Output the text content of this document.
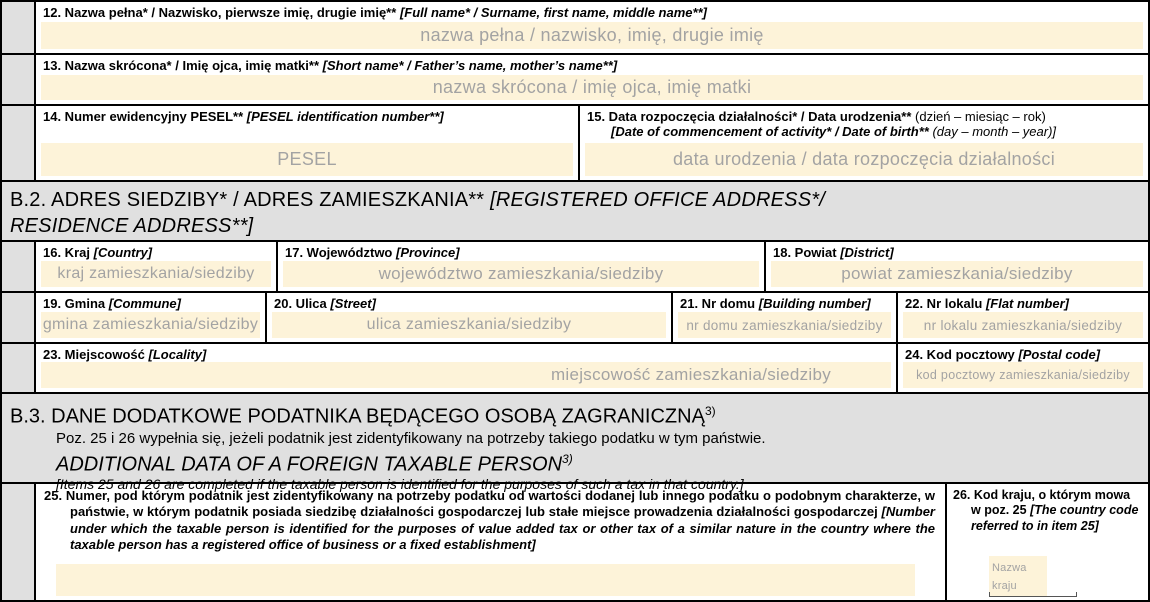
12. Nazwa pełna* / Nazwisko, pierwsze imię, drugie imię** [Full name* / Surname, first name, middle name**]
nazwa pełna / nazwisko, imię, drugie imię
13. Nazwa skrócona* / Imię ojca, imię matki** [Short name* / Father’s name, mother’s name**]
nazwa skrócona / imię ojca, imię matki
14. Numer ewidencyjny PESEL** [PESEL identification number**]
PESEL
15. Data rozpoczęcia działalności* / Data urodzenia** (dzień – miesiąc – rok)
[Date of commencement of activity* / Date of birth** (day – month – year)]
data urodzenia / data rozpoczęcia działalności
B.2. ADRES SIEDZIBY* / ADRES ZAMIESZKANIA** [REGISTERED OFFICE ADDRESS*/
RESIDENCE ADDRESS**]
16. Kraj [Country]
kraj zamieszkania/siedziby
17. Województwo [Province]
województwo zamieszkania/siedziby
18. Powiat [District]
powiat zamieszkania/siedziby
19. Gmina [Commune]
gmina zamieszkania/siedziby
20. Ulica [Street]
ulica zamieszkania/siedziby
21. Nr domu [Building number]
nr domu zamieszkania/siedziby
22. Nr lokalu [Flat number]
nr lokalu zamieszkania/siedziby
23. Miejscowość [Locality]
miejscowość zamieszkania/siedziby
24. Kod pocztowy [Postal code]
kod pocztowy zamieszkania/siedziby
B.3. DANE DODATKOWE PODATNIKA BĘDĄCEGO OSOBĄ ZAGRANICZNĄ$^{3)}$
Poz. 25 i 26 wypełnia się, jeżeli podatnik jest zidentyfikowany na potrzeby takiego podatku w tym państwie.
ADDITIONAL DATA OF A FOREIGN TAXABLE PERSON$^{3)}$
[Items 25 and 26 are completed if the taxable person is identified for the purposes of such a tax in that country.]
25. Numer, pod którym podatnik jest zidentyfikowany na potrzeby podatku od wartości dodanej lub innego podatku o podobnym charakterze, w państwie, w którym podatnik posiada siedzibę działalności gospodarczej lub stałe miejsce prowadzenia działalności gospodarczej [Number under which the taxable person is identified for the purposes of value added tax or other tax of a similar nature in the country where the taxable person has a registered office of business or a fixed establishment]
26. Kod kraju, o którym mowa w poz. 25 [The country code referred to in item 25]
Nazwa kraju
